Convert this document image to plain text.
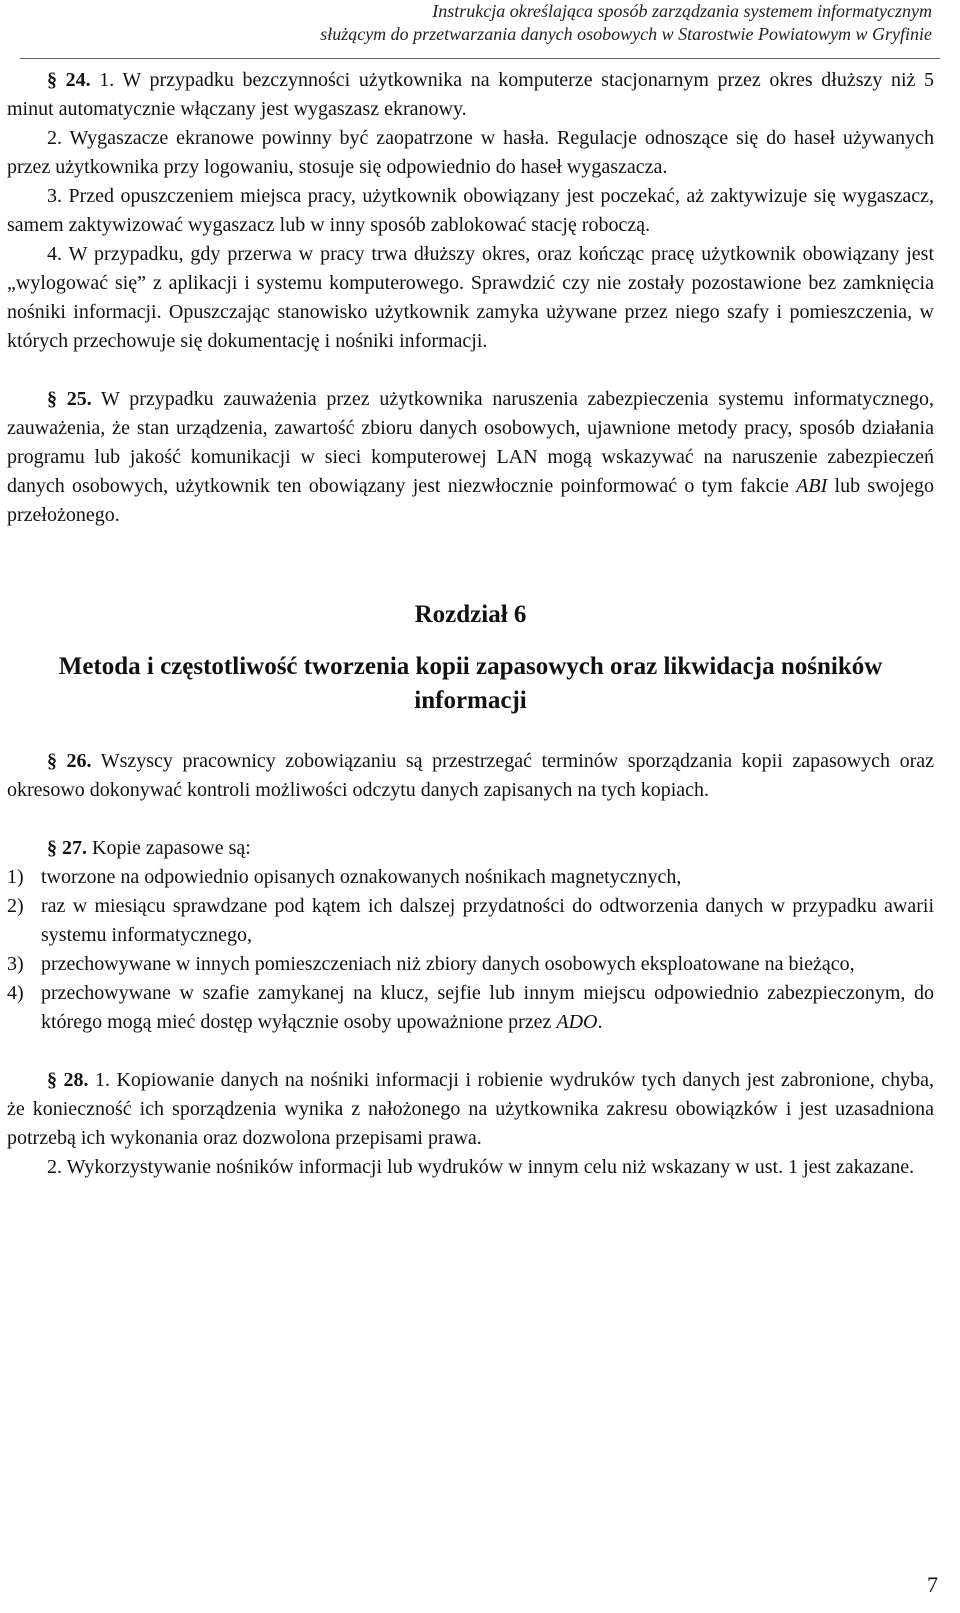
Instrukcja określająca sposób zarządzania systemem informatycznym
służącym do przetwarzania danych osobowych w Starostwie Powiatowym w Gryfinie

§ 24. 1. W przypadku bezczynności użytkownika na komputerze stacjonarnym przez okres dłuższy niż 5 minut automatycznie włączany jest wygaszasz ekranowy.

2. Wygaszacze ekranowe powinny być zaopatrzone w hasła. Regulacje odnoszące się do haseł używanych przez użytkownika przy logowaniu, stosuje się odpowiednio do haseł wygaszacza.

3. Przed opuszczeniem miejsca pracy, użytkownik obowiązany jest poczekać, aż zaktywizuje się wygaszacz, samem zaktywizować wygaszacz lub w inny sposób zablokować stację roboczą.

4. W przypadku, gdy przerwa w pracy trwa dłuższy okres, oraz kończąc pracę użytkownik obowiązany jest „wylogować się” z aplikacji i systemu komputerowego. Sprawdzić czy nie zostały pozostawione bez zamknięcia nośniki informacji. Opuszczając stanowisko użytkownik zamyka używane przez niego szafy i pomieszczenia, w których przechowuje się dokumentację i nośniki informacji.

§ 25. W przypadku zauważenia przez użytkownika naruszenia zabezpieczenia systemu informatycznego, zauważenia, że stan urządzenia, zawartość zbioru danych osobowych, ujawnione metody pracy, sposób działania programu lub jakość komunikacji w sieci komputerowej LAN mogą wskazywać na naruszenie zabezpieczeń danych osobowych, użytkownik ten obowiązany jest niezwłocznie poinformować o tym fakcie ABI lub swojego przełożonego.

Rozdział 6

Metoda i częstotliwość tworzenia kopii zapasowych oraz likwidacja nośników informacji

§ 26. Wszyscy pracownicy zobowiązaniu są przestrzegać terminów sporządzania kopii zapasowych oraz okresowo dokonywać kontroli możliwości odczytu danych zapisanych na tych kopiach.

§ 27. Kopie zapasowe są:

1) tworzone na odpowiednio opisanych oznakowanych nośnikach magnetycznych,
2) raz w miesiącu sprawdzane pod kątem ich dalszej przydatności do odtworzenia danych w przypadku awarii systemu informatycznego,
3) przechowywane w innych pomieszczeniach niż zbiory danych osobowych eksploatowane na bieżąco,
4) przechowywane w szafie zamykanej na klucz, sejfie lub innym miejscu odpowiednio zabezpieczonym, do którego mogą mieć dostęp wyłącznie osoby upoważnione przez ADO.

§ 28. 1. Kopiowanie danych na nośniki informacji i robienie wydruków tych danych jest zabronione, chyba, że konieczność ich sporządzenia wynika z nałożonego na użytkownika zakresu obowiązków i jest uzasadniona potrzebą ich wykonania oraz dozwolona przepisami prawa.

2. Wykorzystywanie nośników informacji lub wydruków w innym celu niż wskazany w ust. 1 jest zakazane.

7
